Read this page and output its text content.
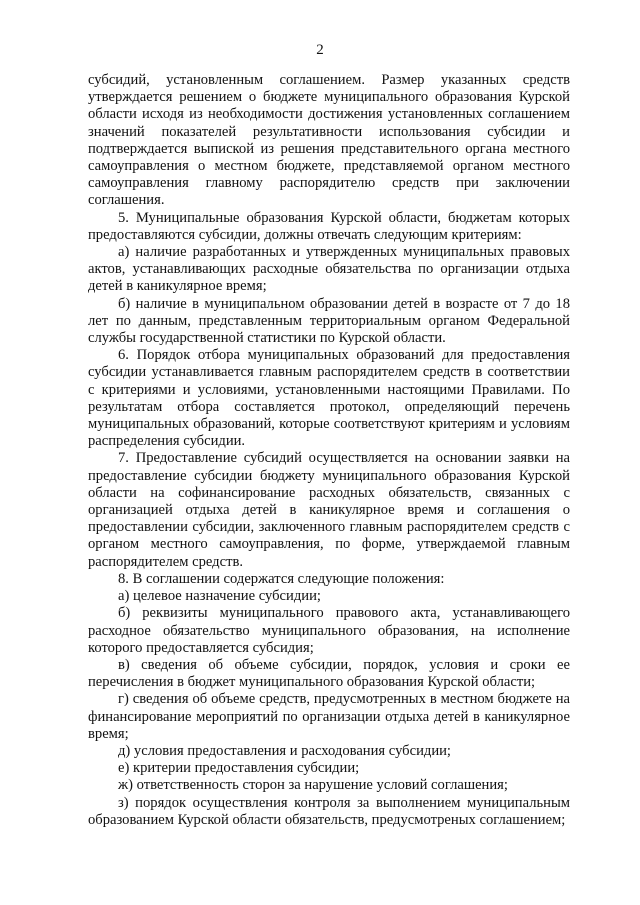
2

субсидий, установленным соглашением. Размер указанных средств утверждается решением о бюджете муниципального образования Курской области исходя из необходимости достижения установленных соглашением значений показателей результативности использования субсидии и подтверждается выпиской из решения представительного органа местного самоуправления о местном бюджете, представляемой органом местного самоуправления главному распорядителю средств при заключении соглашения.

5. Муниципальные образования Курской области, бюджетам которых предоставляются субсидии, должны отвечать следующим критериям:

а) наличие разработанных и утвержденных муниципальных правовых актов, устанавливающих расходные обязательства по организации отдыха детей в каникулярное время;

б) наличие в муниципальном образовании детей в возрасте от 7 до 18 лет по данным, представленным территориальным органом Федеральной службы государственной статистики по Курской области.

6. Порядок отбора муниципальных образований для предоставления субсидии устанавливается главным распорядителем средств в соответствии с критериями и условиями, установленными настоящими Правилами. По результатам отбора составляется протокол, определяющий перечень муниципальных образований, которые соответствуют критериям и условиям распределения субсидии.

7. Предоставление субсидий осуществляется на основании заявки на предоставление субсидии бюджету муниципального образования Курской области на софинансирование расходных обязательств, связанных с организацией отдыха детей в каникулярное время и соглашения о предоставлении субсидии, заключенного главным распорядителем средств с органом местного самоуправления, по форме, утверждаемой главным распорядителем средств.

8. В соглашении содержатся следующие положения:

а) целевое назначение субсидии;

б) реквизиты муниципального правового акта, устанавливающего расходное обязательство муниципального образования, на исполнение которого предоставляется субсидия;

в) сведения об объеме субсидии, порядок, условия и сроки ее перечисления в бюджет муниципального образования Курской области;

г) сведения об объеме средств, предусмотренных в местном бюджете на финансирование мероприятий по организации отдыха детей в каникулярное время;

д) условия предоставления и расходования субсидии;

е) критерии предоставления субсидии;

ж) ответственность сторон за нарушение условий соглашения;

з) порядок осуществления контроля за выполнением муниципальным образованием Курской области обязательств, предусмотреных соглашением;
